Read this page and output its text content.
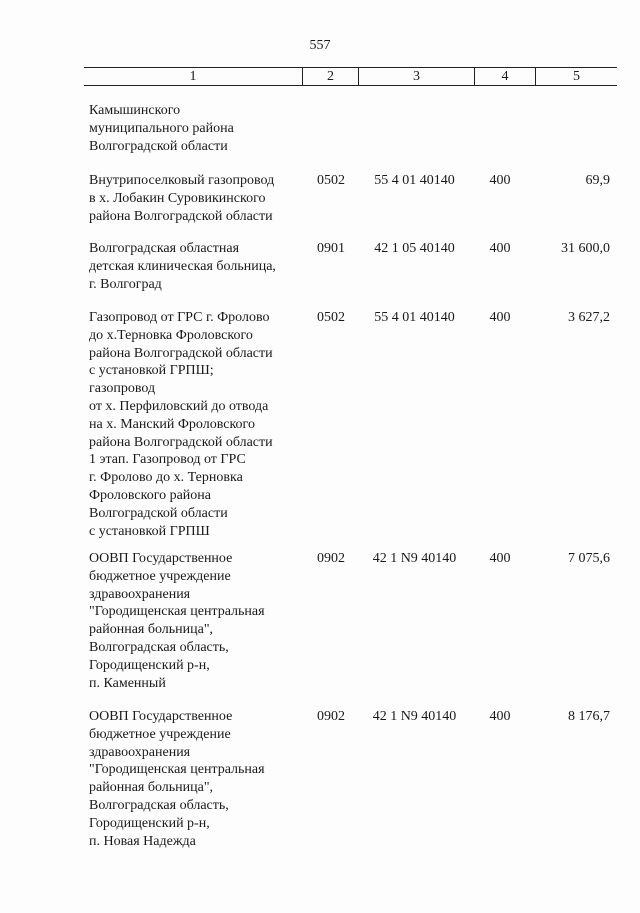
557
1	2	3	4	5
Камышинского
муниципального района
Волгоградской области
Внутрипоселковый газопровод
в х. Лобакин Суровикинского
района Волгоградской области
0502	55 4 01 40140	400	69,9
Волгоградская областная
детская клиническая больница,
г. Волгоград
0901	42 1 05 40140	400	31 600,0
Газопровод от ГРС г. Фролово
до х.Терновка Фроловского
района Волгоградской области
с установкой ГРПШ;
газопровод
от х. Перфиловский до отвода
на х. Манский Фроловского
района Волгоградской области
1 этап. Газопровод от ГРС
г. Фролово до х. Терновка
Фроловского района
Волгоградской области
с установкой ГРПШ
0502	55 4 01 40140	400	3 627,2
ООВП Государственное
бюджетное учреждение
здравоохранения
"Городищенская центральная
районная больница",
Волгоградская область,
Городищенский р-н,
п. Каменный
0902	42 1 N9 40140	400	7 075,6
ООВП Государственное
бюджетное учреждение
здравоохранения
"Городищенская центральная
районная больница",
Волгоградская область,
Городищенский р-н,
п. Новая Надежда
0902	42 1 N9 40140	400	8 176,7
